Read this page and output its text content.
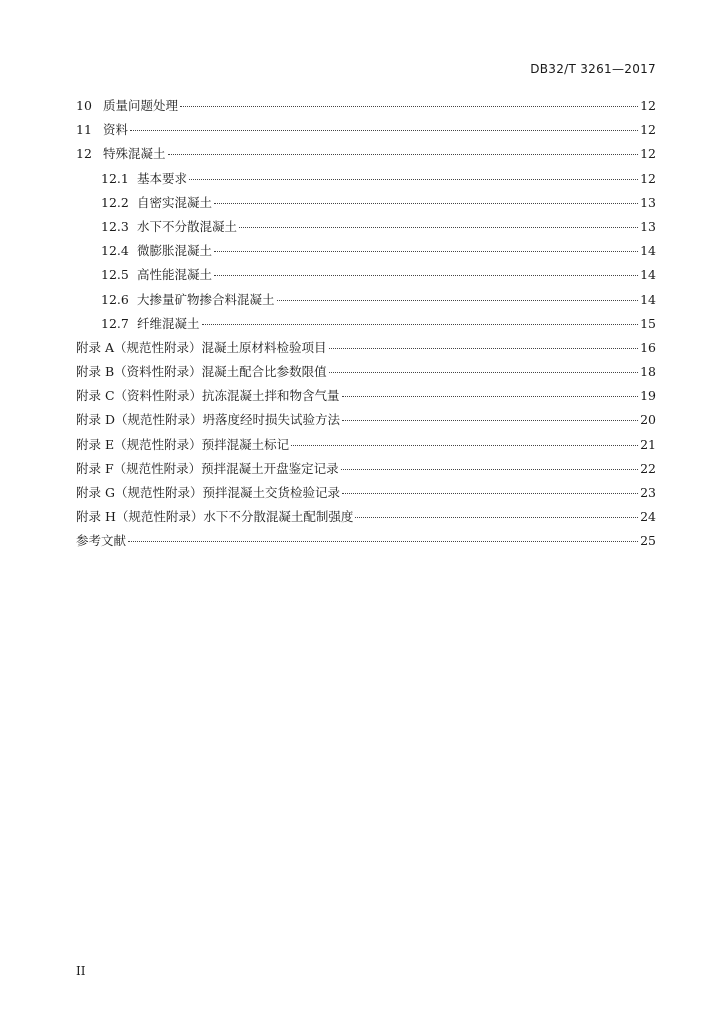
DB32/T 3261—2017
10 质量问题处理	12
11 资料	12
12 特殊混凝土	12
12.1 基本要求	12
12.2 自密实混凝土	13
12.3 水下不分散混凝土	13
12.4 微膨胀混凝土	14
12.5 高性能混凝土	14
12.6 大掺量矿物掺合料混凝土	14
12.7 纤维混凝土	15
附录 A（规范性附录）混凝土原材料检验项目	16
附录 B（资料性附录）混凝土配合比参数限值	18
附录 C（资料性附录）抗冻混凝土拌和物含气量	19
附录 D（规范性附录）坍落度经时损失试验方法	20
附录 E（规范性附录）预拌混凝土标记	21
附录 F（规范性附录）预拌混凝土开盘鉴定记录	22
附录 G（规范性附录）预拌混凝土交货检验记录	23
附录 H（规范性附录）水下不分散混凝土配制强度	24
参考文献	25
II
